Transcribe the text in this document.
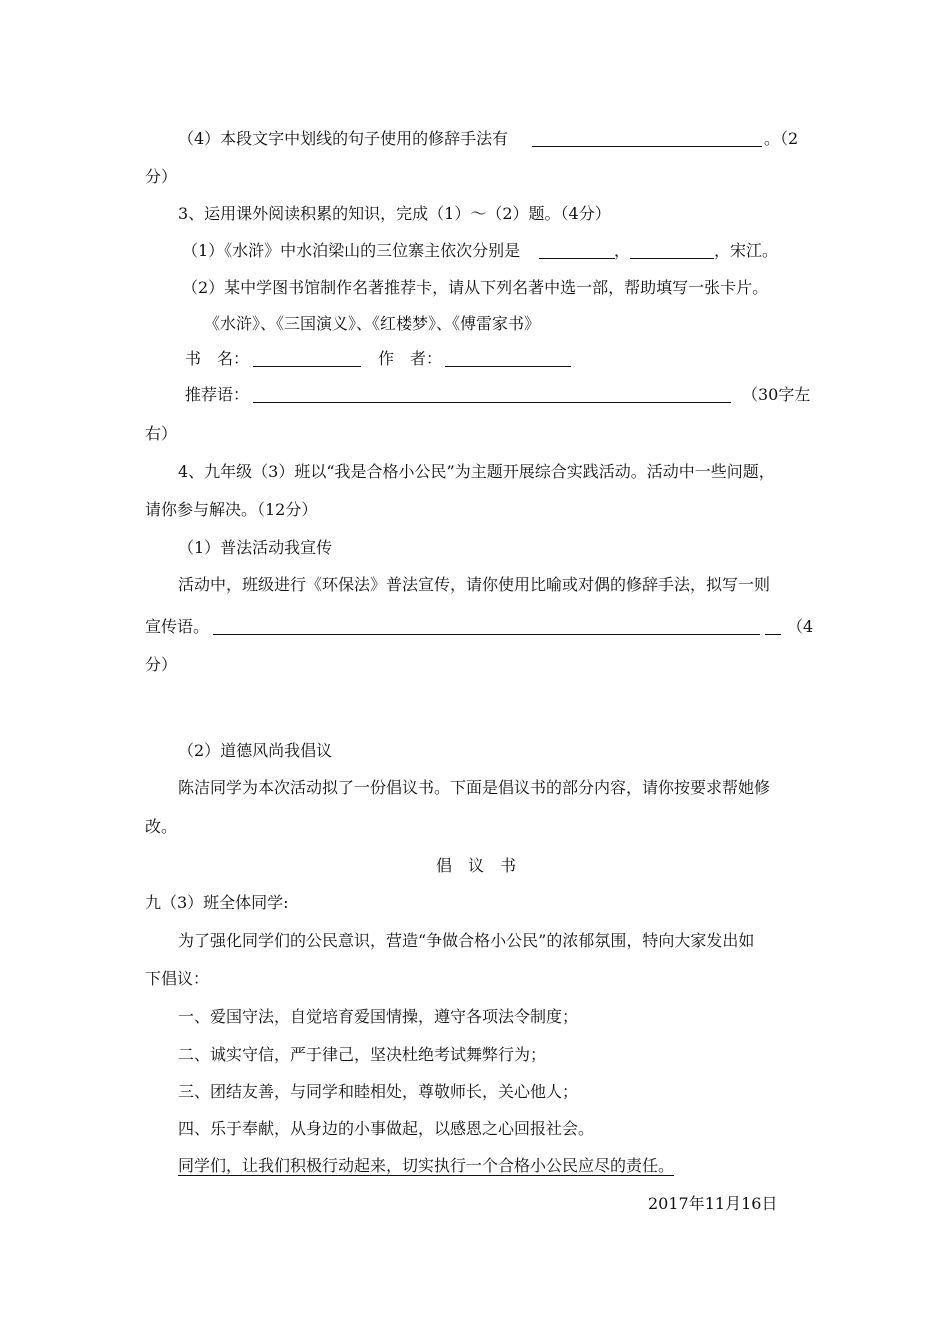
（4）本段文字中划线的句子使用的修辞手法有	。（2
分）
3、运用课外阅读积累的知识，完成（1）～（2）题。（4分）
（1）《水浒》中水泊梁山的三位寨主依次分别是	，	，宋江。
（2）某中学图书馆制作名著推荐卡，请从下列名著中选一部，帮助填写一张卡片。
《水浒》、《三国演义》、《红楼梦》、《傅雷家书》
书　名：	作　者：
推荐语：	（30字左
右）
4、九年级（3）班以“我是合格小公民”为主题开展综合实践活动。活动中一些问题，
请你参与解决。（12分）
（1）普法活动我宣传
活动中，班级进行《环保法》普法宣传，请你使用比喻或对偶的修辞手法，拟写一则
宣传语。	（4
分）
（2）道德风尚我倡议
陈洁同学为本次活动拟了一份倡议书。下面是倡议书的部分内容，请你按要求帮她修
改。
倡　议　书
九（3）班全体同学:
为了强化同学们的公民意识，营造“争做合格小公民”的浓郁氛围，特向大家发出如
下倡议：
一、爱国守法，自觉培育爱国情操，遵守各项法令制度；
二、诚实守信，严于律己，坚决杜绝考试舞弊行为；
三、团结友善，与同学和睦相处，尊敬师长，关心他人；
四、乐于奉献，从身边的小事做起，以感恩之心回报社会。
同学们，让我们积极行动起来，切实执行一个合格小公民应尽的责任。
2017年11月16日
